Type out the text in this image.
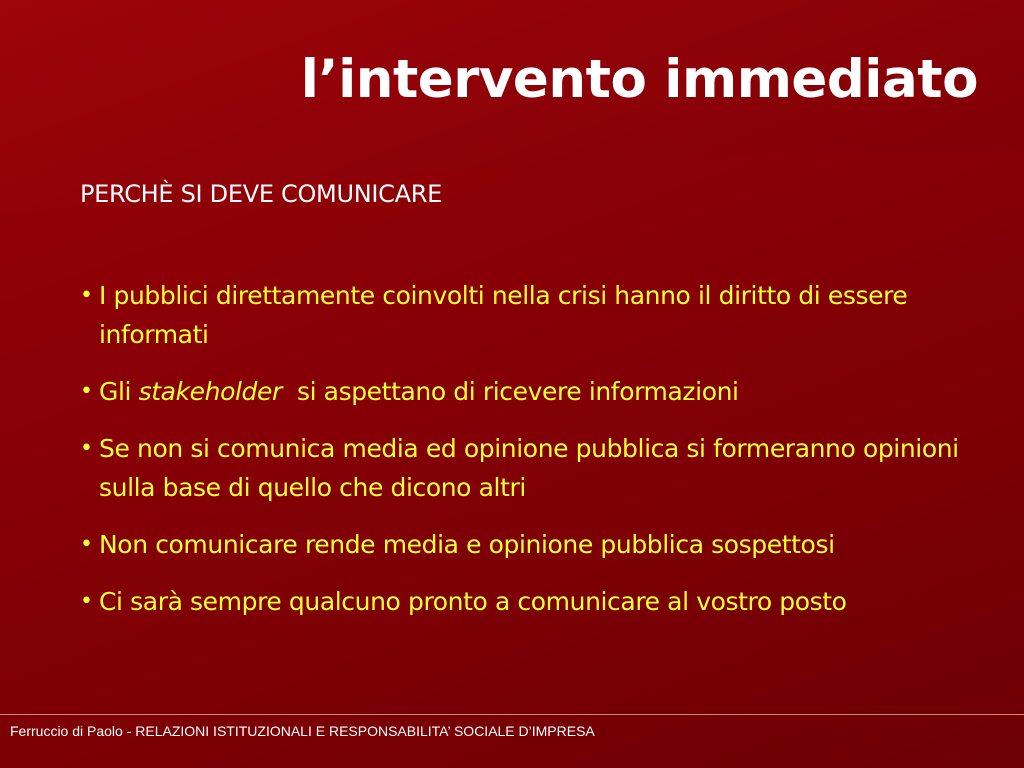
l’intervento immediato
PERCHÈ SI DEVE COMUNICARE
• I pubblici direttamente coinvolti nella crisi hanno il diritto di essere informati
• Gli stakeholder  si aspettano di ricevere informazioni
• Se non si comunica media ed opinione pubblica si formeranno opinioni sulla base di quello che dicono altri
• Non comunicare rende media e opinione pubblica sospettosi
• Ci sarà sempre qualcuno pronto a comunicare al vostro posto
Ferruccio di Paolo - RELAZIONI ISTITUZIONALI E RESPONSABILITA’ SOCIALE D’IMPRESA
